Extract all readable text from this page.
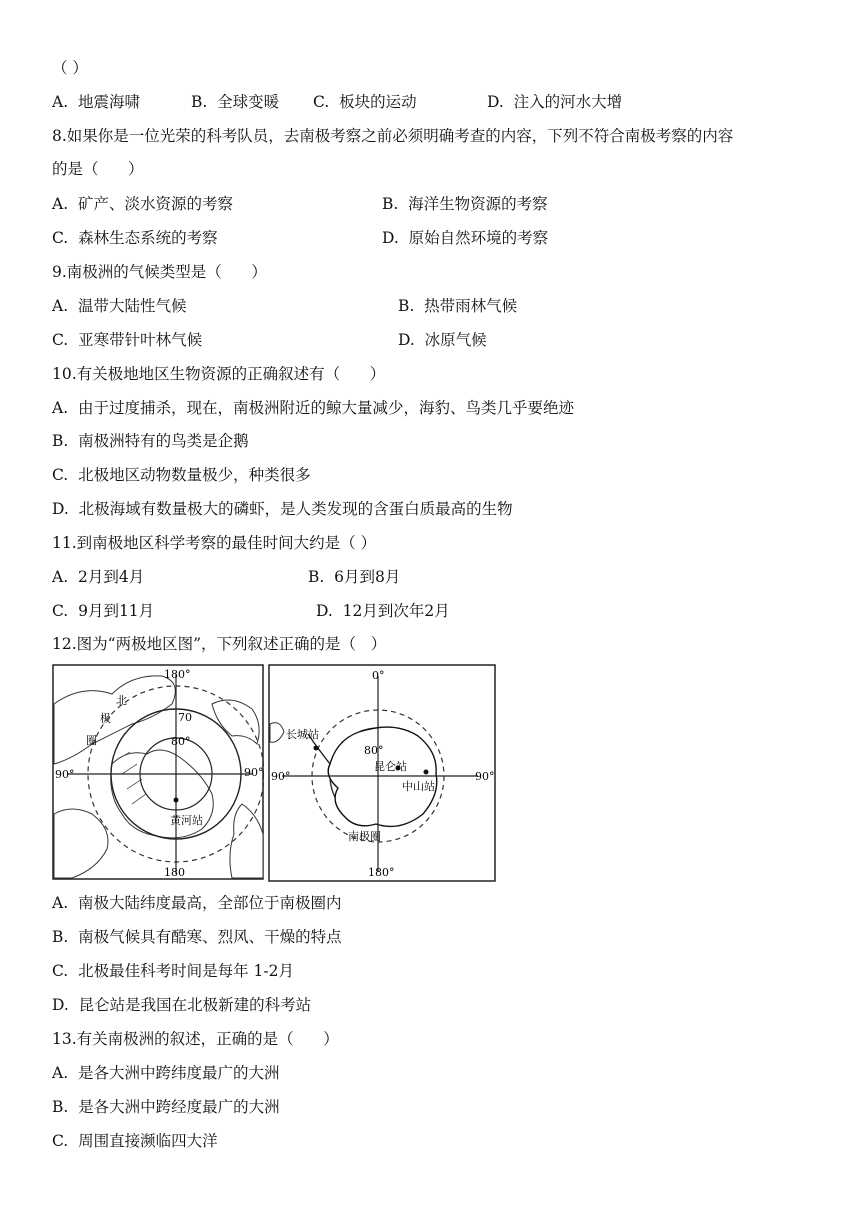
（ ）
A.  地震海啸	B.  全球变暖 C.  板块的运动	D.  注入的河水大增
8.如果你是一位光荣的科考队员，去南极考察之前必须明确考查的内容，下列不符合南极考察的内容
的是（      ）
A.  矿产、淡水资源的考察	B.  海洋生物资源的考察
C.  森林生态系统的考察	D.  原始自然环境的考察
9.南极洲的气候类型是（      ）
A.  温带大陆性气候	B.  热带雨林气候
C.  亚寒带针叶林气候	D.  冰原气候
10.有关极地地区生物资源的正确叙述有（      ）
A.  由于过度捕杀，现在，南极洲附近的鲸大量减少，海豹、鸟类几乎要绝迹
B.  南极洲特有的鸟类是企鹅
C.  北极地区动物数量极少，种类很多
D.  北极海域有数量极大的磷虾，是人类发现的含蛋白质最高的生物
11.到南极地区科学考察的最佳时间大约是（ ）
A.  2月到4月	B.  6月到8月
C.  9月到11月	D.  12月到次年2月
12.图为“两极地区图”，下列叙述正确的是（   ）
180°
180
90°	90°
70
80°
北
极
圈
黄河站
0°
180°
90°	90°
80°
长城站
昆仑站
中山站
南极圈
A.  南极大陆纬度最高，全部位于南极圈内
B.  南极气候具有酷寒、烈风、干燥的特点
C.  北极最佳科考时间是每年 1-2月
D.  昆仑站是我国在北极新建的科考站
13.有关南极洲的叙述，正确的是（      ）
A.  是各大洲中跨纬度最广的大洲
B.  是各大洲中跨经度最广的大洲
C.  周围直接濒临四大洋
